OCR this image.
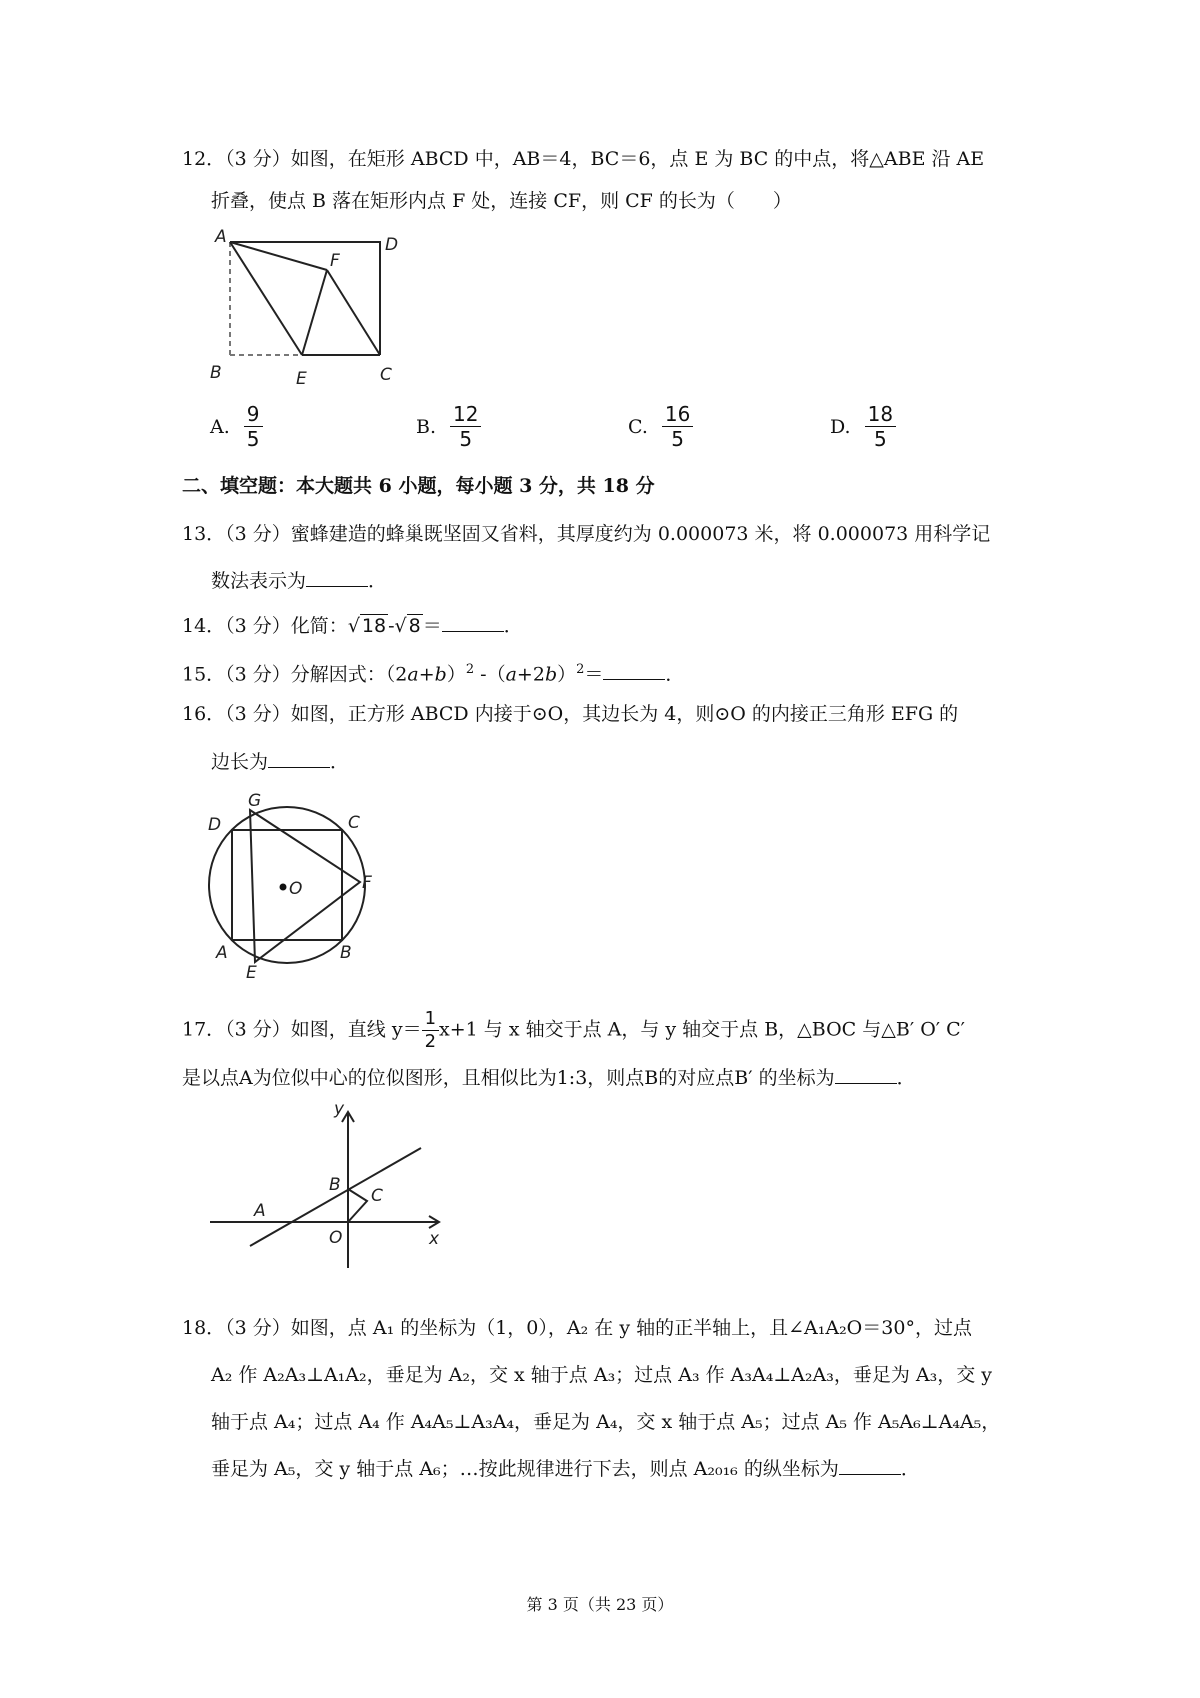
12．（3 分）如图，在矩形 ABCD 中，AB＝4，BC＝6，点 E 为 BC 的中点，将△ABE 沿 AE
折叠，使点 B 落在矩形内点 F 处，连接 CF，则 CF 的长为（　　）
A	D
F
B	E	C
A. $\frac{9}{5}$	B. $\frac{12}{5}$	C. $\frac{16}{5}$	D. $\frac{18}{5}$
二、填空题：本大题共 6 小题，每小题 3 分，共 18 分
13．（3 分）蜜蜂建造的蜂巢既坚固又省料，其厚度约为 0.000073 米，将 0.000073 用科学记
数法表示为	．
14．（3 分）化简：√ 18 -√ 8 ＝	．
15．（3 分）分解因式：$(2a+b)^2$ $-(a+2b)^2=$	．
16．（3 分）如图，正方形 ABCD 内接于⊙O，其边长为 4，则⊙O 的内接正三角形 EFG 的
边长为	．
D
G
C
F
O
A
E
B
17．（3 分）如图，直线 $y= \frac{1}{2} x+1$ 与 x 轴交于点 A，与 y 轴交于点 B，△BOC 与△B′ O′ C′
是以点A为位似中心的位似图形，且相似比为1:3，则点B的对应点B′ 的坐标为	．
y
x
A
B
C
O
18．（3 分）如图，点 A₁ 的坐标为（1，0），A₂ 在 y 轴的正半轴上，且∠A₁A₂O＝30°，过点
A₂ 作 A₂A₃⊥A₁A₂，垂足为 A₂，交 x 轴于点 A₃；过点 A₃ 作 A₃A₄⊥A₂A₃，垂足为 A₃，交 y
轴于点 A₄；过点 A₄ 作 A₄A₅⊥A₃A₄，垂足为 A₄，交 x 轴于点 A₅；过点 A₅ 作 A₅A₆⊥A₄A₅，
垂足为 A₅，交 y 轴于点 A₆；…按此规律进行下去，则点 A₂₀₁₆ 的纵坐标为	．
第 3 页（共 23 页）
